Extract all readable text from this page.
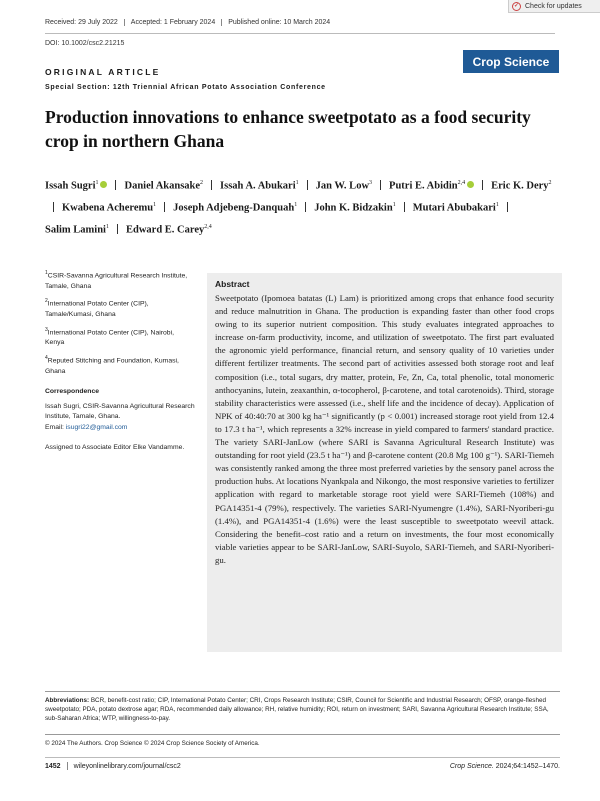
✓ Check for updates
Received: 29 July 2022 Accepted: 1 February 2024 Published online: 10 March 2024
DOI: 10.1002/csc2.21215
Crop Science
ORIGINAL ARTICLE
Special Section: 12th Triennial African Potato Association Conference
Production innovations to enhance sweetpotato as a food security crop in northern Ghana
Issah Sugri$^1$ Daniel Akansake$^2$ Issah A. Abukari$^1$ Jan W. Low$^3$ Putri E. Abidin$^{2,4}$ Eric K. Dery$^2$Kwabena Acheremu$^1$ Joseph Adjebeng-Danquah$^1$ John K. Bidzakin$^1$ Mutari Abubakari$^1$Salim Lamini$^1$ Edward E. Carey$^{2,4}$

$^1$CSIR-Savanna Agricultural Research Institute, Tamale, Ghana

$^2$International Potato Center (CIP), Tamale/Kumasi, Ghana

$^3$International Potato Center (CIP), Nairobi, Kenya

$^4$Reputed Stitching and Foundation, Kumasi, Ghana

Correspondence

Issah Sugri, CSIR-Savanna Agricultural Research Institute, Tamale, Ghana.
Email: isugri22@gmail.com

Assigned to Associate Editor Elke Vandamme.

Abstract

Sweetpotato (Ipomoea batatas (L) Lam) is prioritized among crops that enhance food security and reduce malnutrition in Ghana. The production is expanding faster than other food crops owing to its superior nutrient composition. This study evaluates integrated approaches to increase on-farm productivity, income, and utilization of sweetpotato. The first part evaluated the agronomic yield performance, financial return, and sensory quality of 10 varieties under different fertilizer treatments. The second part of activities assessed both storage root and leaf composition (i.e., total sugars, dry matter, protein, Fe, Zn, Ca, total phenolic, total monomeric anthocyanins, lutein, zeaxanthin, α-tocopherol, β-carotene, and total carotenoids). Third, storage stability characteristics were assessed (i.e., shelf life and the incidence of decay). Application of NPK of 40:40:70 at 300 kg ha⁻¹ significantly (p < 0.001) increased storage root yield from 12.4 to 17.3 t ha⁻¹, which represents a 32% increase in yield compared to farmers' standard practice. The variety SARI-JanLow (where SARI is Savanna Agricultural Research Institute) was outstanding for root yield (23.5 t ha⁻¹) and β-carotene content (20.8 Mg 100 g⁻¹). SARI-Tiemeh was consistently ranked among the three most preferred varieties by the sensory panel across the production hubs. At locations Nyankpala and Nikongo, the most responsive varieties to fertilizer application with regard to marketable storage root yield were SARI-Tiemeh (108%) and PGA14351-4 (79%), respectively. The varieties SARI-Nyumengre (1.4%), SARI-Nyoriberi-gu (1.4%), and PGA14351-4 (1.6%) were the least susceptible to sweetpotato weevil attack. Considering the benefit–cost ratio and a return on investments, the four most economically viable varieties appear to be SARI-JanLow, SARI-Suyolo, SARI-Tiemeh, and SARI-Nyoriberi-gu.

Abbreviations: BCR, benefit-cost ratio; CIP, International Potato Center; CRI, Crops Research Institute; CSIR, Council for Scientific and Industrial Research; OFSP, orange-fleshed sweetpotato; PDA, potato dextrose agar; RDA, recommended daily allowance; RH, relative humidity; ROI, return on investment; SARI, Savanna Agricultural Research Institute; SSA, sub-Saharan Africa; WTP, willingness-to-pay.
© 2024 The Authors. Crop Science © 2024 Crop Science Society of America.
1452 wileyonlinelibrary.com/journal/csc2	Crop Science. 2024;64:1452–1470.
